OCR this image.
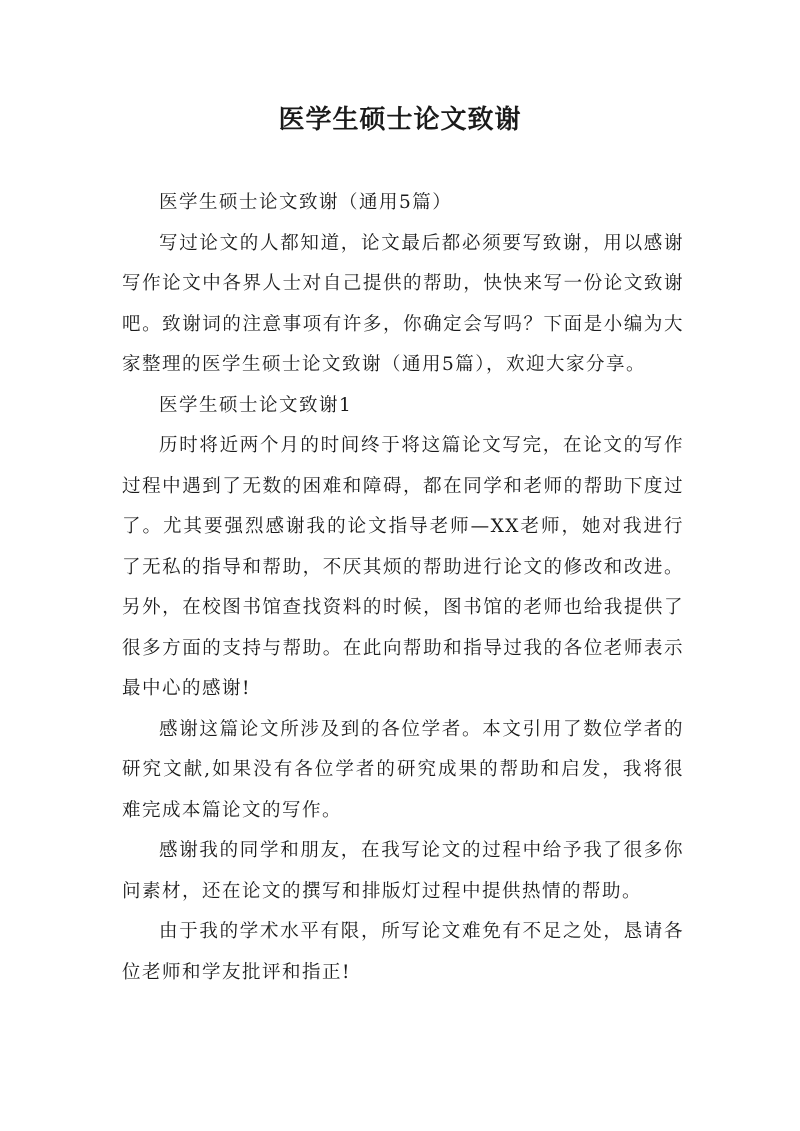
医学生硕士论文致谢

医学生硕士论文致谢（通用5篇）

写过论文的人都知道，论文最后都必须要写致谢，用以感谢写作论文中各界人士对自己提供的帮助，快快来写一份论文致谢吧。致谢词的注意事项有许多，你确定会写吗？下面是小编为大家整理的医学生硕士论文致谢（通用5篇），欢迎大家分享。

医学生硕士论文致谢1

历时将近两个月的时间终于将这篇论文写完，在论文的写作过程中遇到了无数的困难和障碍，都在同学和老师的帮助下度过了。尤其要强烈感谢我的论文指导老师—XX老师，她对我进行了无私的指导和帮助，不厌其烦的帮助进行论文的修改和改进。另外，在校图书馆查找资料的时候，图书馆的老师也给我提供了很多方面的支持与帮助。在此向帮助和指导过我的各位老师表示最中心的感谢!

感谢这篇论文所涉及到的各位学者。本文引用了数位学者的研究文献,如果没有各位学者的研究成果的帮助和启发，我将很难完成本篇论文的写作。

感谢我的同学和朋友，在我写论文的过程中给予我了很多你问素材，还在论文的撰写和排版灯过程中提供热情的帮助。

由于我的学术水平有限，所写论文难免有不足之处，恳请各位老师和学友批评和指正!
